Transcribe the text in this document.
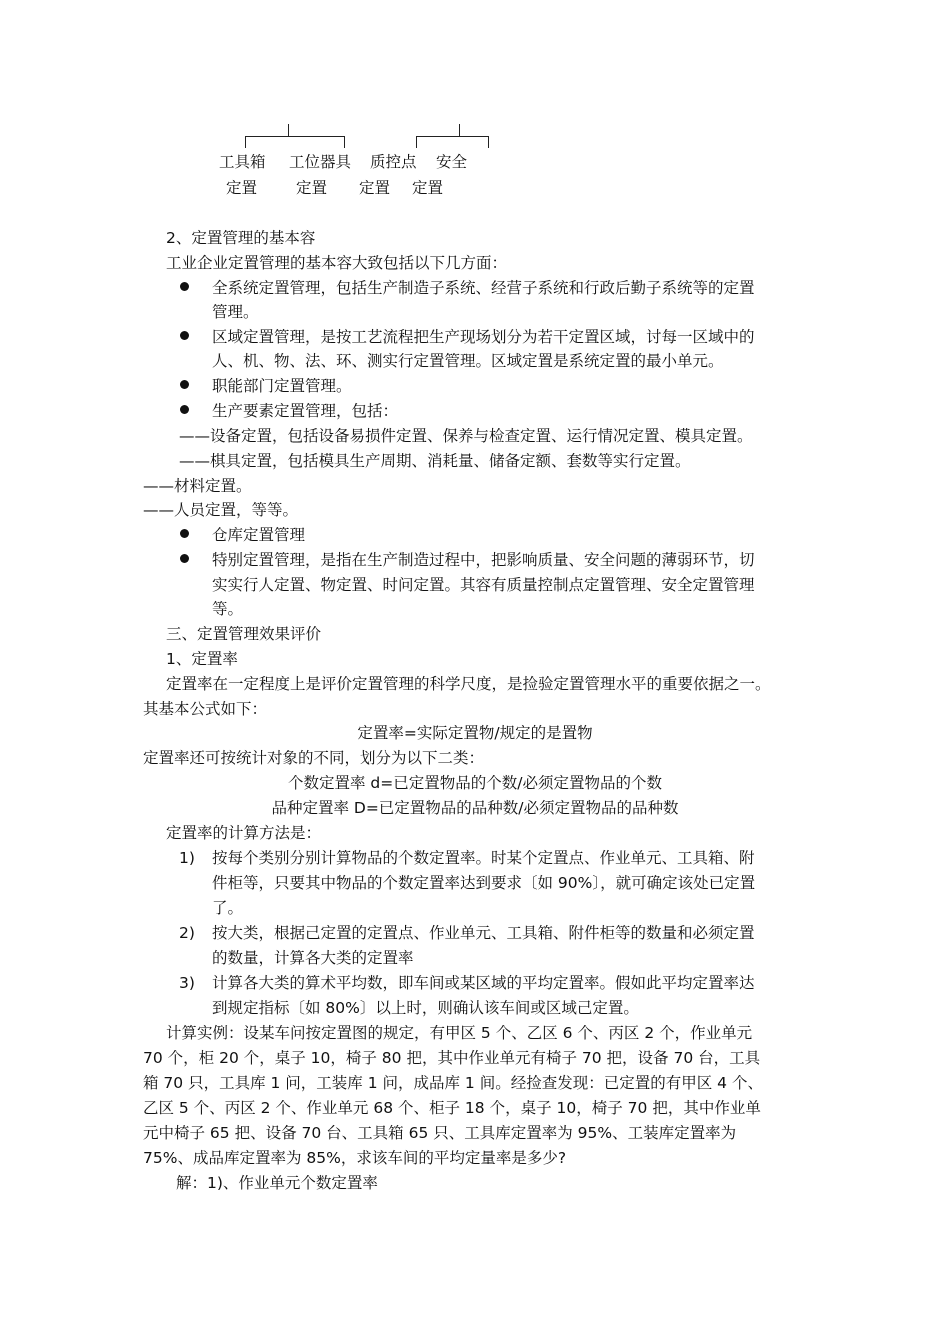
工具箱
定置
工位器具
定置
质控点
定置
安全
定置
2、定置管理的基本容
工业企业定置管理的基本容大致包括以下几方面：
全系统定置管理，包括生产制造子系统、经营子系统和行政后勤子系统等的定置
管理。
区域定置管理，是按工艺流程把生产现场划分为若干定置区域，讨每一区域中的
人、机、物、法、环、测实行定置管理。区域定置是系统定置的最小单元。
职能部门定置管理。
生产要素定置管理，包括：
——设备定置，包括设备易损件定置、保养与检查定置、运行情况定置、模具定置。
——棋具定置，包括模具生产周期、消耗量、储备定额、套数等实行定置。
——材料定置。
——人员定置，等等。
仓库定置管理
特别定置管理，是指在生产制造过程中，把影响质量、安全问题的薄弱环节，切
实实行人定置、物定置、时问定置。其容有质量控制点定置管理、安全定置管理
等。
三、定置管理效果评价
1、定置率
定置率在一定程度上是评价定置管理的科学尺度，是捡验定置管理水平的重要依据之一。
其基本公式如下：
定置率=实际定置物/规定的是置物
定置率还可按统计对象的不同，划分为以下二类：
个数定置率 d=已定置物品的个数/必须定置物品的个数
品种定置率 D=已定置物品的品种数/必须定置物品的品种数
定置率的计算方法是：
1) 按每个类别分别计算物品的个数定置率。时某个定置点、作业单元、工具箱、附
件柜等，只要其中物品的个数定置率达到要求〔如 90%〕，就可确定该处已定置
了。
2) 按大类，根据己定置的定置点、作业单元、工具箱、附件柜等的数量和必须定置
的数量，计算各大类的定置率
3) 计算各大类的算术平均数，即车间或某区域的平均定置率。假如此平均定置率达
到规定指标〔如 80%〕以上时，则确认该车间或区域己定置。
计算实例：设某车问按定置图的规定，有甲区 5 个、乙区 6 个、丙区 2 个，作业单元
70 个，柜 20 个，桌子 10，椅子 80 把，其中作业单元有椅子 70 把，设备 70 台，工具
箱 70 只，工具库 1 问，工装库 1 问，成品库 1 间。经捡查发现：已定置的有甲区 4 个、
乙区 5 个、丙区 2 个、作业单元 68 个、柜子 18 个，桌子 10，椅子 70 把，其中作业单
元中椅子 65 把、设备 70 台、工具箱 65 只、工具库定置率为 95%、工装库定置率为
75%、成品库定置率为 85%，求该车间的平均定量率是多少?
解：1)、作业单元个数定置率
